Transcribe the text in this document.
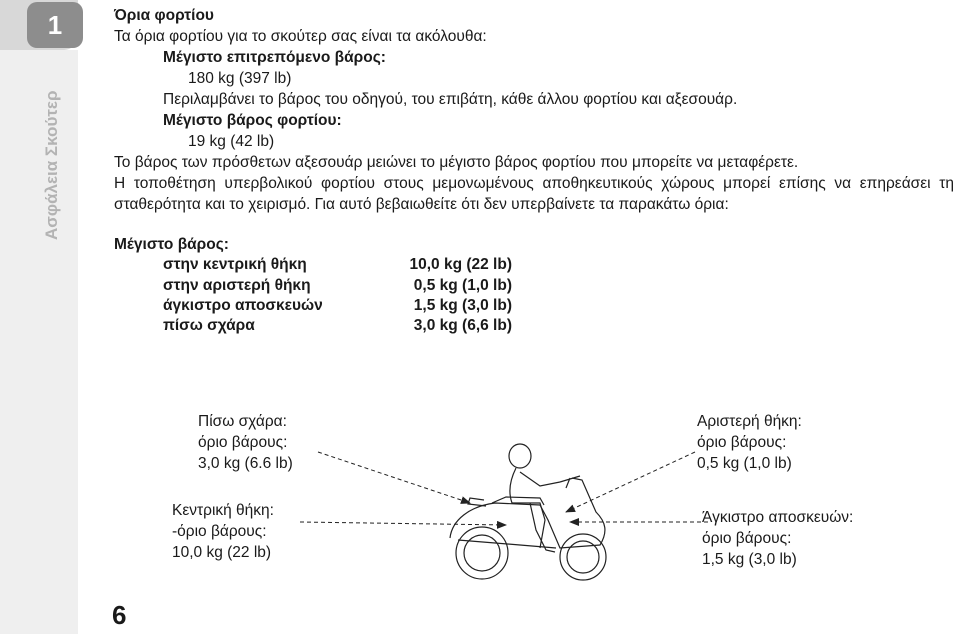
1
Ασφάλεια Σκούτερ
Όρια φορτίου
Τα όρια φορτίου για το σκούτερ σας είναι τα ακόλουθα:
Μέγιστο επιτρεπόμενο βάρος:
180 kg (397 lb)
Περιλαμβάνει το βάρος του οδηγού, του επιβάτη, κάθε άλλου φορτίου και αξεσουάρ.
Μέγιστο βάρος φορτίου:
19 kg (42 lb)
Το βάρος των πρόσθετων αξεσουάρ μειώνει το μέγιστο βάρος φορτίου που μπορείτε να μεταφέρετε.
Η τοποθέτηση υπερβολικού φορτίου στους μεμονωμένους αποθηκευτικούς χώρους μπορεί επίσης να επηρεάσει τη σταθερότητα και το χειρισμό. Για αυτό βεβαιωθείτε ότι δεν υπερβαίνετε τα παρακάτω όρια:
Μέγιστο βάρος:
στην κεντρική θήκη	10,0 kg (22 lb)
στην αριστερή θήκη	0,5 kg (1,0 lb)
άγκιστρο αποσκευών	1,5 kg (3,0 lb)
πίσω σχάρα	3,0 kg (6,6 lb)
Πίσω σχάρα:
όριο βάρους:
3,0 kg (6.6 lb)
Κεντρική θήκη:
-όριο βάρους:
10,0 kg (22 lb)
Αριστερή θήκη:
όριο βάρους:
0,5 kg (1,0 lb)
Άγκιστρο αποσκευών:
όριο βάρους:
1,5 kg (3,0 lb)
6
